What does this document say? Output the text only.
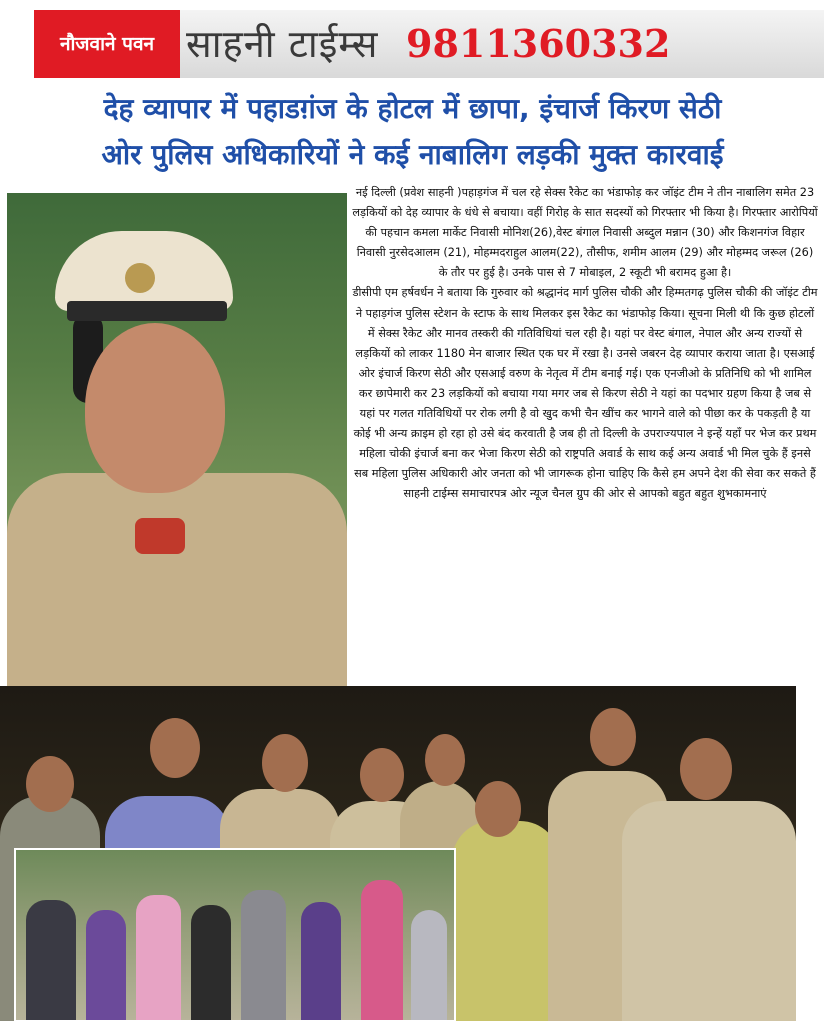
नौजवाने पवन साहनी टाईम्स 9811360332
देह व्यापार में पहाडग़ंज के होटल में छापा, इंचार्ज किरण सेठी
ओर पुलिस अधिकारियों ने कई नाबालिग लड़की मुक्त कारवाई

नई दिल्ली (प्रवेश साहनी )पहाड़गंज में चल रहे सेक्स रैकेट का भंडाफोड़ कर जॉइंट टीम ने तीन नाबालिग समेत 23 लड़कियों को देह व्यापार के धंधे से बचाया। वहीं गिरोह के सात सदस्यों को गिरफ्तार भी किया है। गिरफ्तार आरोपियों की पहचान कमला मार्केट निवासी मोनिश(26),वेस्ट बंगाल निवासी अब्दुल मन्नान (30) और किशनगंज विहार निवासी नुरसेदआलम (21), मोहम्मदराहुल आलम(22), तौसीफ, शमीम आलम (29) और मोहम्मद जरूल (26) के तौर पर हुई है। उनके पास से 7 मोबाइल, 2 स्कूटी भी बरामद हुआ है।

डीसीपी एम हर्षवर्धन ने बताया कि गुरुवार को श्रद्धानंद मार्ग पुलिस चौकी और हिम्मतगढ़ पुलिस चौकी की जॉइंट टीम ने पहाड़गंज पुलिस स्टेशन के स्टाफ के साथ मिलकर इस रैकेट का भंडाफोड़ किया। सूचना मिली थी कि कुछ होटलों में सेक्स रैकेट और मानव तस्करी की गतिविधियां चल रही है। यहां पर वेस्ट बंगाल, नेपाल और अन्य राज्यों से लड़कियों को लाकर 1180 मेन बाजार स्थित एक घर में रखा है। उनसे जबरन देह व्यापार कराया जाता है। एसआई ओर इंचार्ज किरण सेठी और एसआई वरुण के नेतृत्व में टीम बनाई गई। एक एनजीओ के प्रतिनिधि को भी शामिल कर छापेमारी कर 23 लड़कियों को बचाया गया मगर जब से किरण सेठी ने यहां का पदभार ग्रहण किया है जब से यहां पर गलत गतिविधियों पर रोक लगी है वो खुद कभी चैन खींच कर भागने वाले को पीछा कर के पकड़ती है या कोई भी अन्य क्राइम हो रहा हो उसे बंद करवाती है जब ही तो दिल्ली के उपराज्यपाल ने इन्हें यहाँ पर भेज कर प्रथम महिला चोकी इंचार्ज बना कर भेजा किरण सेठी को राष्ट्रपति अवार्ड के साथ कई अन्य अवार्ड भी मिल चुके हैं इनसे सब महिला पुलिस अधिकारी ओर जनता को भी जागरूक होना चाहिए कि कैसे हम अपने देश की सेवा कर सकते हैं साहनी टाईम्स समाचारपत्र ओर न्यूज चैनल ग्रुप की ओर से आपको बहुत बहुत शुभकामनाएं
